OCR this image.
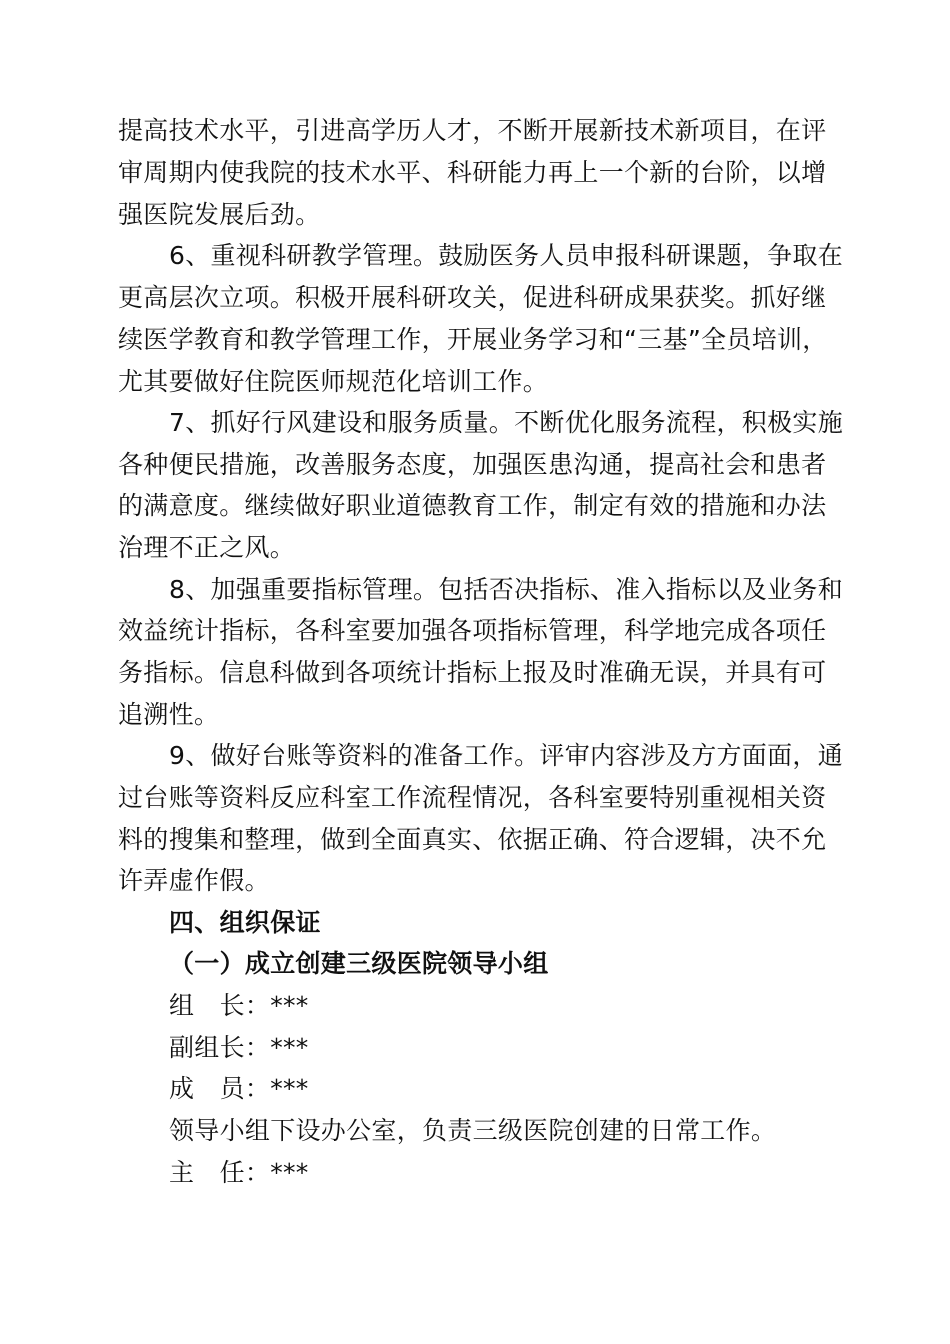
提高技术水平，引进高学历人才，不断开展新技术新项目，在评
审周期内使我院的技术水平、科研能力再上一个新的台阶，以增
强医院发展后劲。
6、重视科研教学管理。鼓励医务人员申报科研课题，争取在
更高层次立项。积极开展科研攻关，促进科研成果获奖。抓好继
续医学教育和教学管理工作，开展业务学习和“三基”全员培训，
尤其要做好住院医师规范化培训工作。
7、抓好行风建设和服务质量。不断优化服务流程，积极实施
各种便民措施，改善服务态度，加强医患沟通，提高社会和患者
的满意度。继续做好职业道德教育工作，制定有效的措施和办法
治理不正之风。
8、加强重要指标管理。包括否决指标、准入指标以及业务和
效益统计指标，各科室要加强各项指标管理，科学地完成各项任
务指标。信息科做到各项统计指标上报及时准确无误，并具有可
追溯性。
9、做好台账等资料的准备工作。评审内容涉及方方面面，通
过台账等资料反应科室工作流程情况，各科室要特别重视相关资
料的搜集和整理，做到全面真实、依据正确、符合逻辑，决不允
许弄虚作假。
四、组织保证
（一）成立创建三级医院领导小组
组　长：***
副组长：***
成　员：***
领导小组下设办公室，负责三级医院创建的日常工作。
主　任：***
